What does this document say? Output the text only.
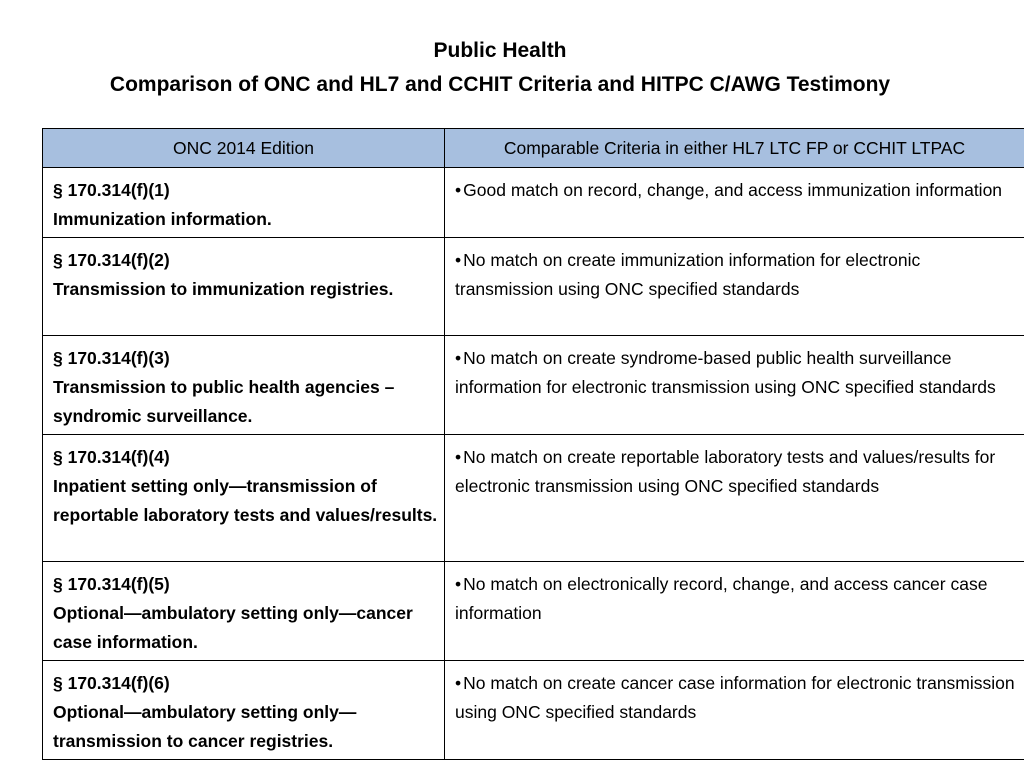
Public Health
Comparison of ONC and HL7 and CCHIT Criteria and HITPC C/AWG Testimony
ONC 2014 Edition	Comparable Criteria in either HL7 LTC FP or CCHIT LTPAC

§ 170.314(f)(1)
Immunization information.	• Good match on record, change, and access immunization information

§ 170.314(f)(2)
Transmission to immunization registries.	• No match on create immunization information for electronic transmission using ONC specified standards

§ 170.314(f)(3)
Transmission to public health agencies – syndromic surveillance.	• No match on create syndrome-based public health surveillance information for electronic transmission using ONC specified standards

§ 170.314(f)(4)
Inpatient setting only—transmission of reportable laboratory tests and values/results.	• No match on create reportable laboratory tests and values/results for electronic transmission using ONC specified standards

§ 170.314(f)(5)
Optional—ambulatory setting only—cancer case information.	• No match on electronically record, change, and access cancer case information

§ 170.314(f)(6)
Optional—ambulatory setting only—transmission to cancer registries.	• No match on create cancer case information for electronic transmission using ONC specified standards
